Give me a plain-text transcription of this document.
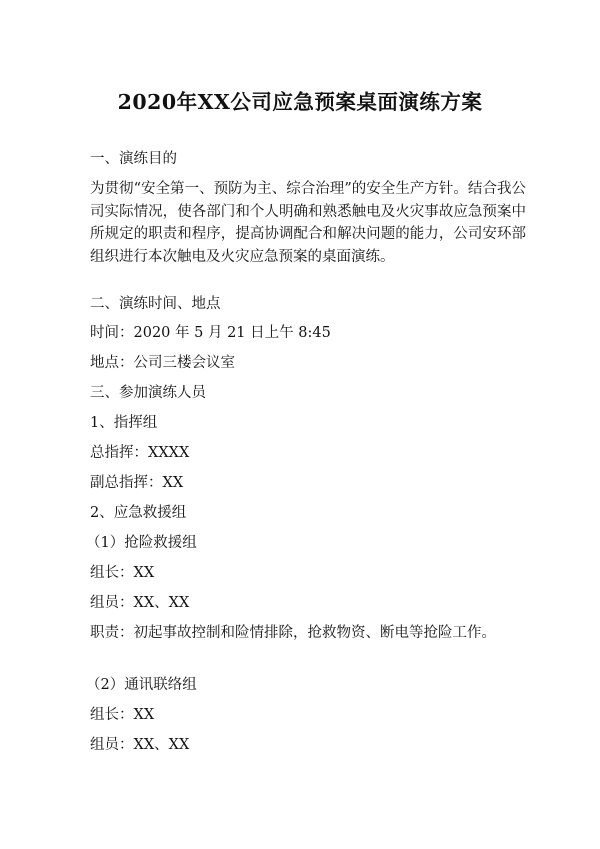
2020年XX公司应急预案桌面演练方案
一、演练目的
为贯彻“安全第一、预防为主、综合治理”的安全生产方针。结合我公司实际情况，使各部门和个人明确和熟悉触电及火灾事故应急预案中所规定的职责和程序，提高协调配合和解决问题的能力，公司安环部组织进行本次触电及火灾应急预案的桌面演练。
二、演练时间、地点
时间：2020 年 5 月 21 日上午 8:45
地点：公司三楼会议室
三、参加演练人员
1、指挥组
总指挥：XXXX
副总指挥：XX
2、应急救援组
（1）抢险救援组
组长：XX
组员：XX、XX
职责：初起事故控制和险情排除，抢救物资、断电等抢险工作。
（2）通讯联络组
组长：XX
组员：XX、XX
